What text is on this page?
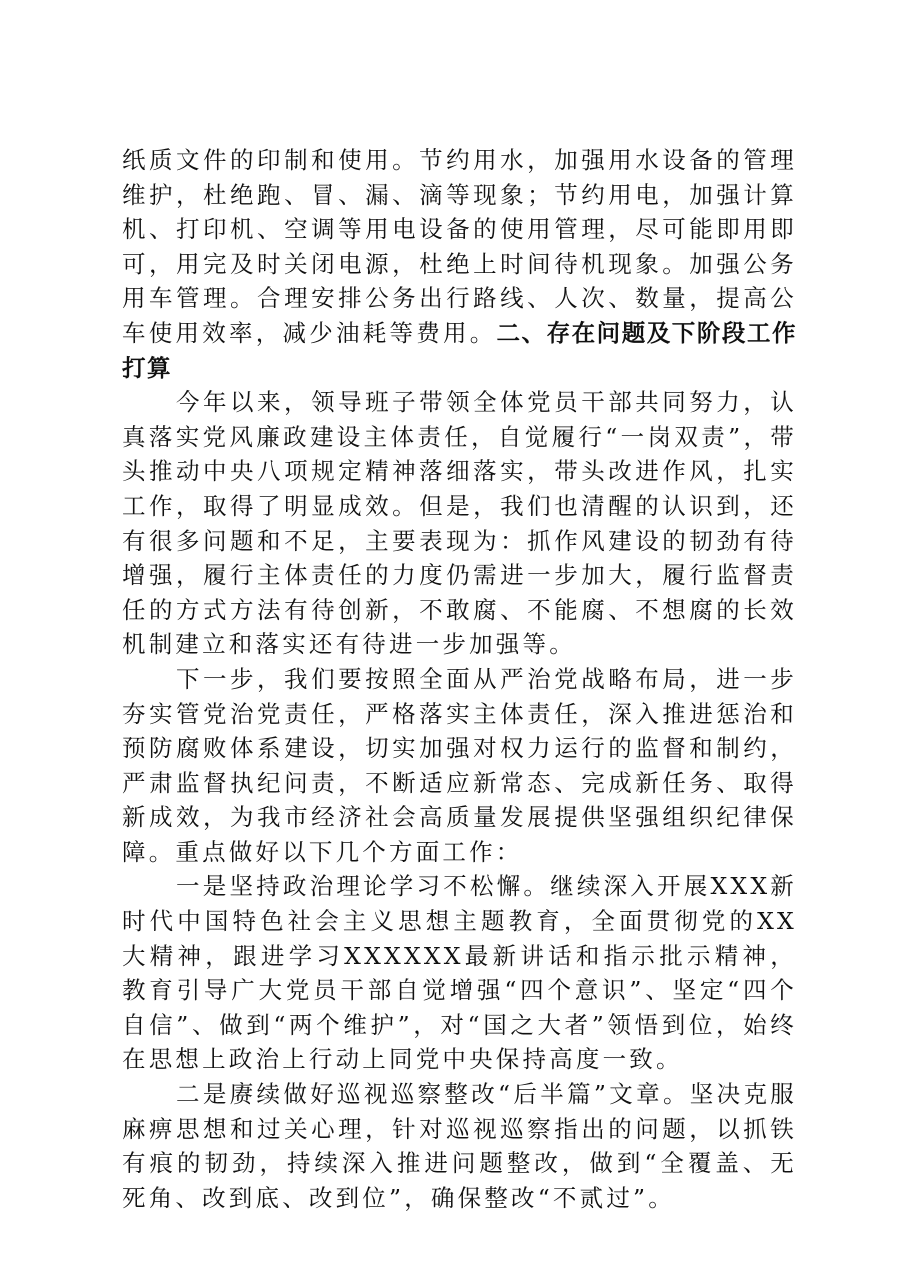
纸质文件的印制和使用。节约用水，加强用水设备的管理维护，杜绝跑、冒、漏、滴等现象；节约用电，加强计算机、打印机、空调等用电设备的使用管理，尽可能即用即可，用完及时关闭电源，杜绝上时间待机现象。加强公务用车管理。合理安排公务出行路线、人次、数量，提高公车使用效率，减少油耗等费用。二、存在问题及下阶段工作打算

今年以来，领导班子带领全体党员干部共同努力，认真落实党风廉政建设主体责任，自觉履行“一岗双责”，带头推动中央八项规定精神落细落实，带头改进作风，扎实工作，取得了明显成效。但是，我们也清醒的认识到，还有很多问题和不足，主要表现为：抓作风建设的韧劲有待增强，履行主体责任的力度仍需进一步加大，履行监督责任的方式方法有待创新，不敢腐、不能腐、不想腐的长效机制建立和落实还有待进一步加强等。

下一步，我们要按照全面从严治党战略布局，进一步夯实管党治党责任，严格落实主体责任，深入推进惩治和预防腐败体系建设，切实加强对权力运行的监督和制约，严肃监督执纪问责，不断适应新常态、完成新任务、取得新成效，为我市经济社会高质量发展提供坚强组织纪律保障。重点做好以下几个方面工作：

一是坚持政治理论学习不松懈。继续深入开展XXX新时代中国特色社会主义思想主题教育，全面贯彻党的XX大精神，跟进学习XXXXXX最新讲话和指示批示精神，教育引导广大党员干部自觉增强“四个意识”、坚定“四个自信”、做到“两个维护”，对“国之大者”领悟到位，始终在思想上政治上行动上同党中央保持高度一致。

二是赓续做好巡视巡察整改“后半篇”文章。坚决克服麻痹思想和过关心理，针对巡视巡察指出的问题，以抓铁有痕的韧劲，持续深入推进问题整改，做到“全覆盖、无死角、改到底、改到位”，确保整改“不贰过”。
